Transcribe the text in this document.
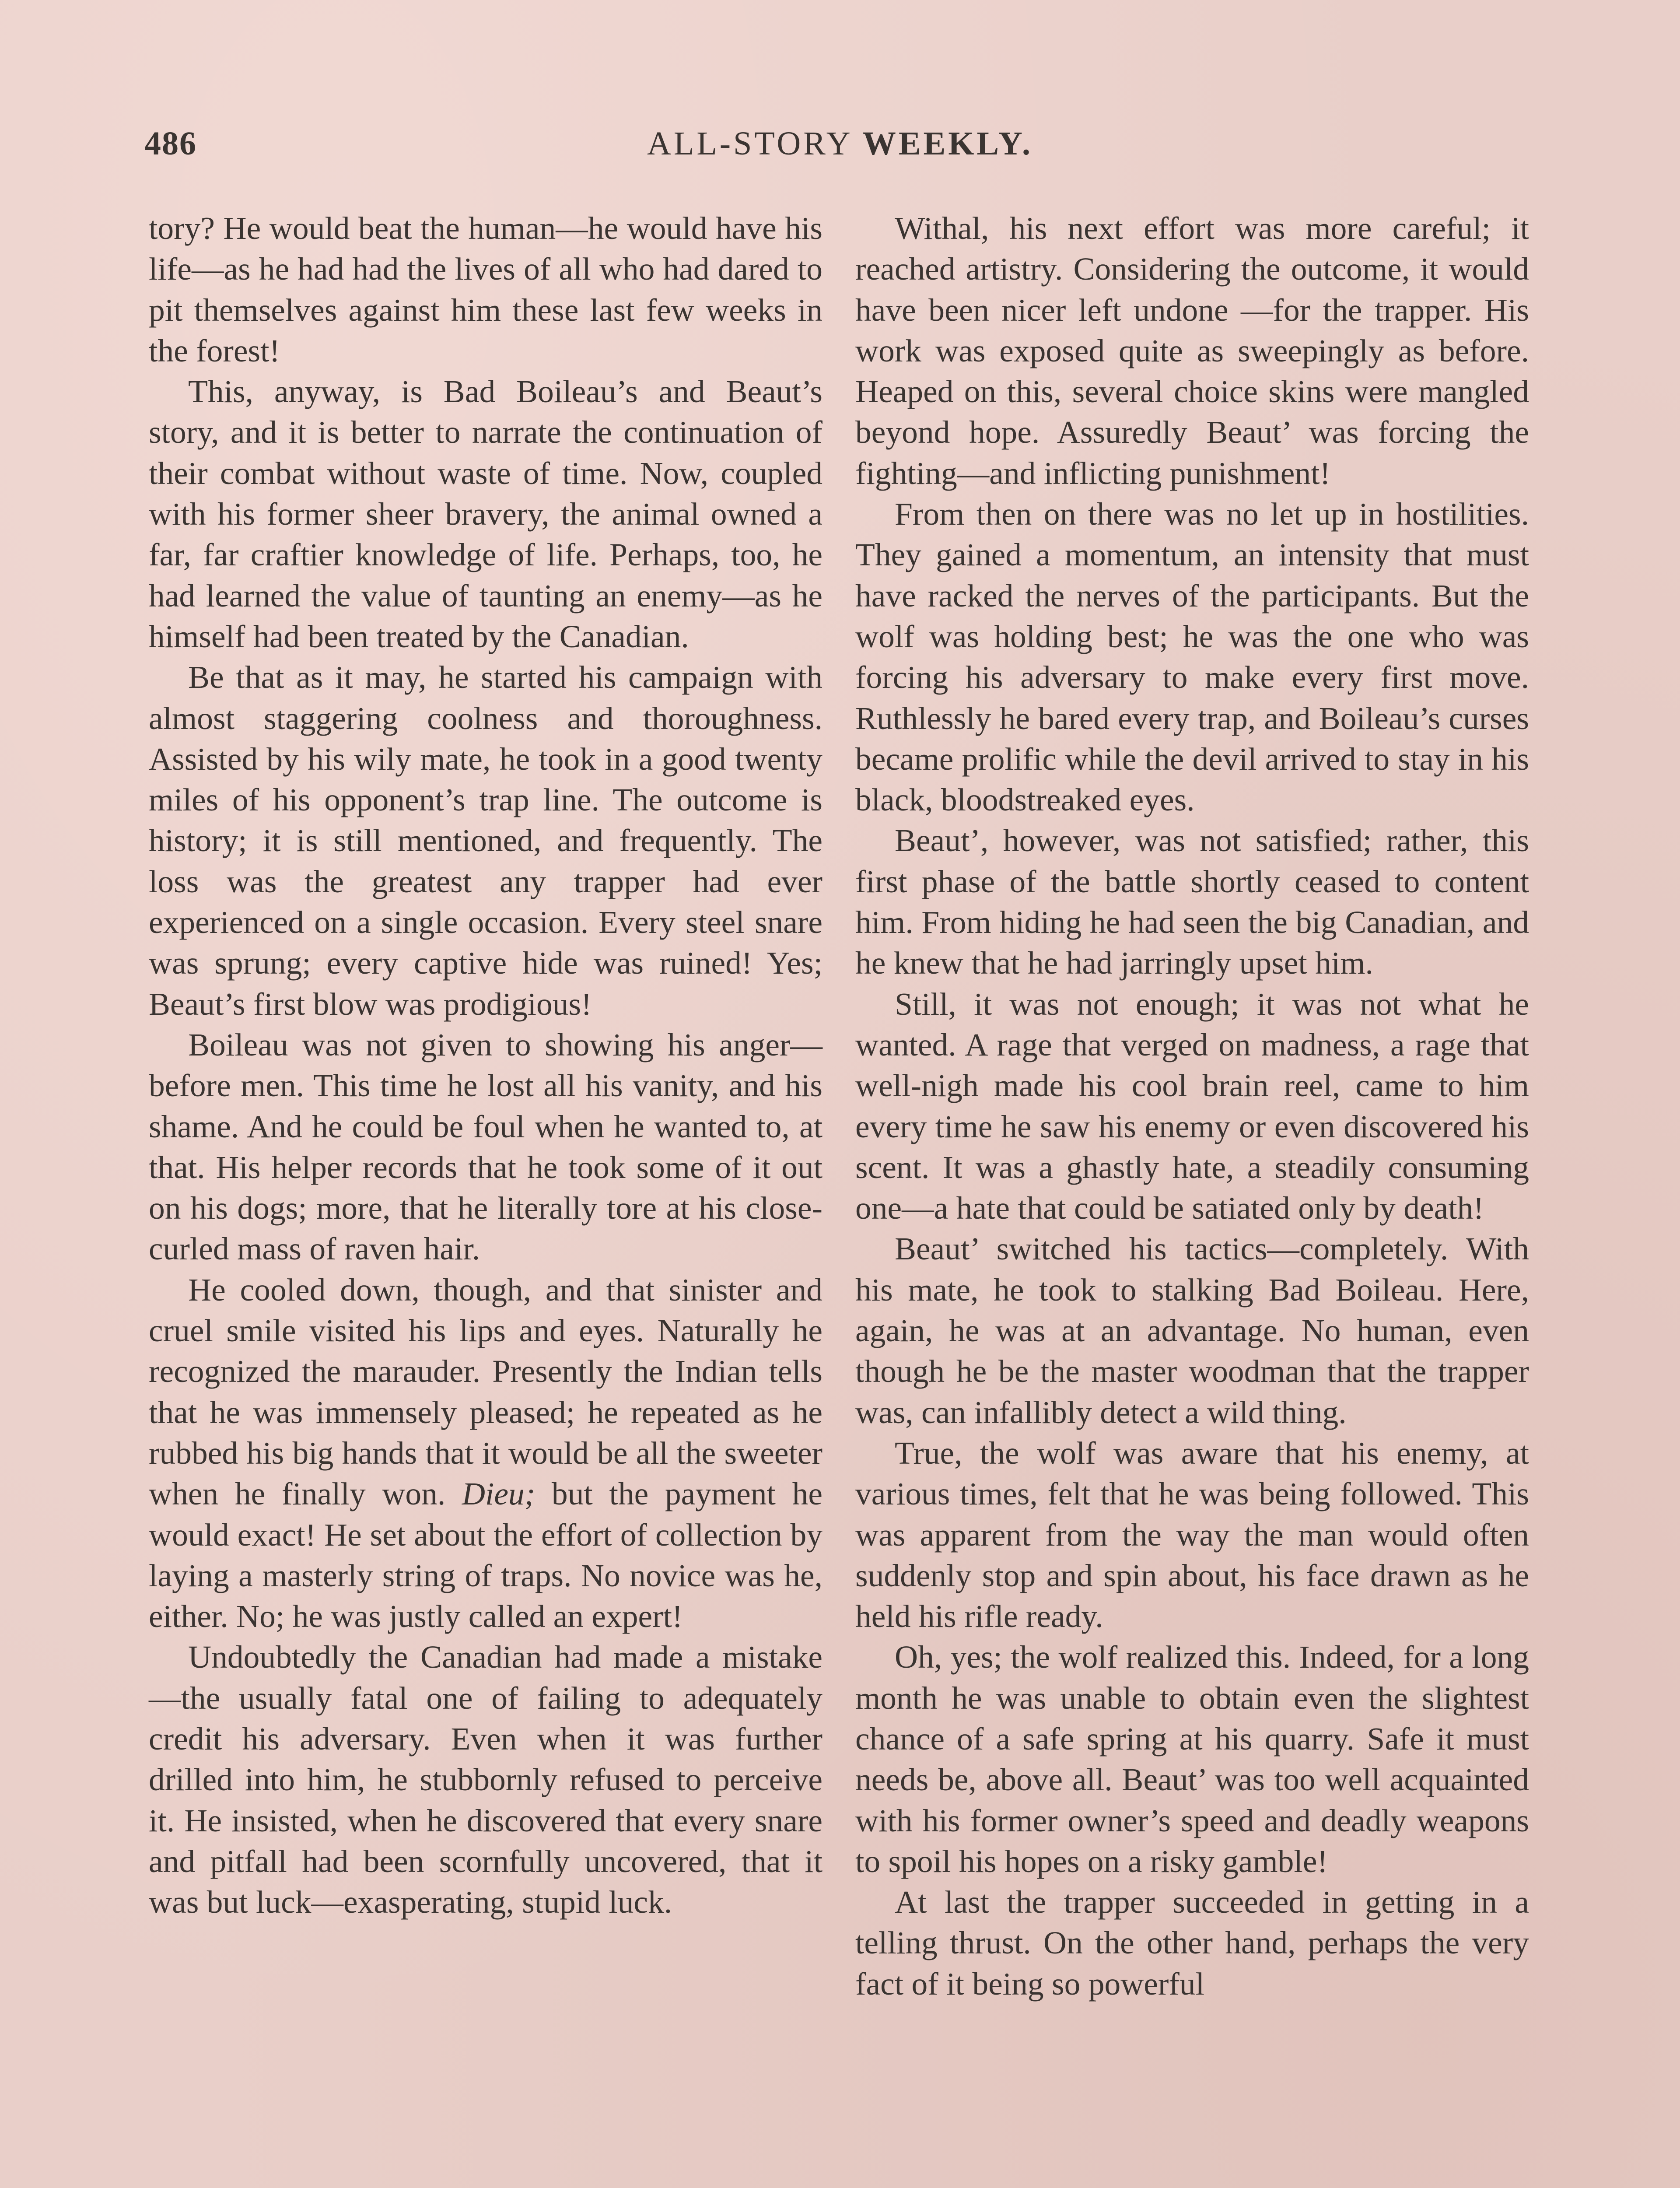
486	ALL-STORY WEEKLY.

tory? He would beat the human—he would have his life—as he had had the lives of all who had dared to pit themselves against him these last few weeks in the forest!

This, anyway, is Bad Boileau’s and Beaut’s story, and it is better to narrate the continuation of their combat without waste of time. Now, coupled with his former sheer bravery, the animal owned a far, far craftier knowledge of life. Perhaps, too, he had learned the value of taunting an enemy—as he himself had been treated by the Canadian.

Be that as it may, he started his campaign with almost staggering coolness and thoroughness. Assisted by his wily mate, he took in a good twenty miles of his opponent’s trap line. The outcome is history; it is still mentioned, and frequently. The loss was the greatest any trapper had ever experienced on a single occasion. Every steel snare was sprung; every captive hide was ruined! Yes; Beaut’s first blow was prodigious!

Boileau was not given to showing his anger—before men. This time he lost all his vanity, and his shame. And he could be foul when he wanted to, at that. His helper records that he took some of it out on his dogs; more, that he literally tore at his close-curled mass of raven hair.

He cooled down, though, and that sinister and cruel smile visited his lips and eyes. Naturally he recognized the marauder. Presently the Indian tells that he was immensely pleased; he repeated as he rubbed his big hands that it would be all the sweeter when he finally won. Dieu; but the payment he would exact! He set about the effort of collection by laying a masterly string of traps. No novice was he, either. No; he was justly called an expert!

Undoubtedly the Canadian had made a mistake—the usually fatal one of failing to adequately credit his adversary. Even when it was further drilled into him, he stubbornly refused to perceive it. He insisted, when he discovered that every snare and pitfall had been scornfully uncovered, that it was but luck—exasperating, stupid luck.

Withal, his next effort was more careful; it reached artistry. Considering the outcome, it would have been nicer left undone —for the trapper. His work was exposed quite as sweepingly as before. Heaped on this, several choice skins were mangled beyond hope. Assuredly Beaut’ was forcing the fighting—and inflicting punishment!

From then on there was no let up in hostilities. They gained a momentum, an intensity that must have racked the nerves of the participants. But the wolf was holding best; he was the one who was forcing his adversary to make every first move. Ruthlessly he bared every trap, and Boileau’s curses became prolific while the devil arrived to stay in his black, bloodstreaked eyes.

Beaut’, however, was not satisfied; rather, this first phase of the battle shortly ceased to content him. From hiding he had seen the big Canadian, and he knew that he had jarringly upset him.

Still, it was not enough; it was not what he wanted. A rage that verged on madness, a rage that well-nigh made his cool brain reel, came to him every time he saw his enemy or even discovered his scent. It was a ghastly hate, a steadily consuming one—a hate that could be satiated only by death!

Beaut’ switched his tactics—completely. With his mate, he took to stalking Bad Boileau. Here, again, he was at an advantage. No human, even though he be the master woodman that the trapper was, can infallibly detect a wild thing.

True, the wolf was aware that his enemy, at various times, felt that he was being followed. This was apparent from the way the man would often suddenly stop and spin about, his face drawn as he held his rifle ready.

Oh, yes; the wolf realized this. Indeed, for a long month he was unable to obtain even the slightest chance of a safe spring at his quarry. Safe it must needs be, above all. Beaut’ was too well acquainted with his former owner’s speed and deadly weapons to spoil his hopes on a risky gamble!

At last the trapper succeeded in getting in a telling thrust. On the other hand, perhaps the very fact of it being so powerful
